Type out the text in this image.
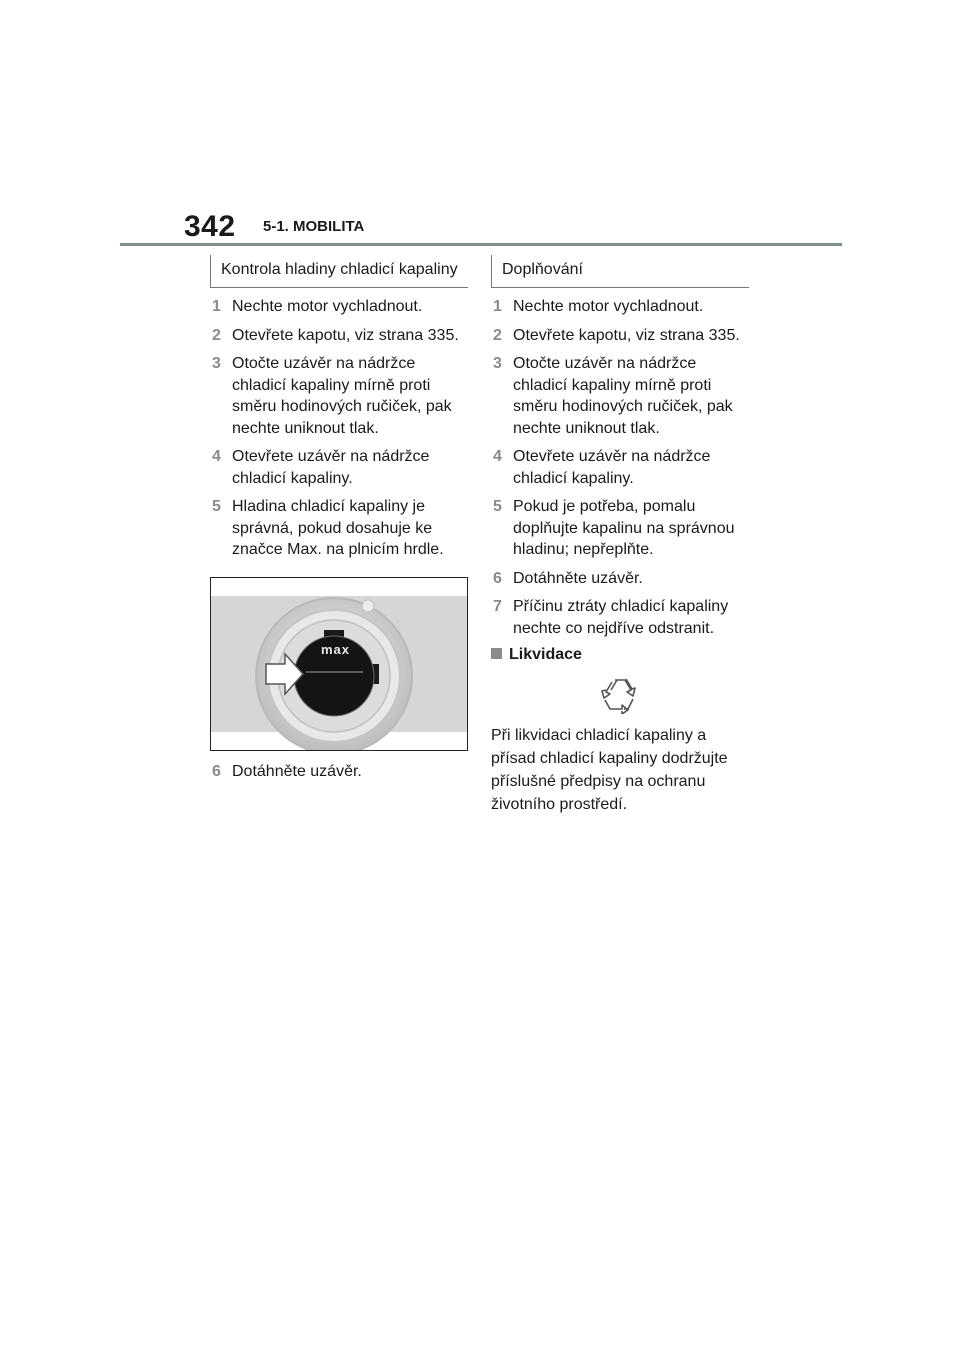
342 5-1. MOBILITA
Kontrola hladiny chladicí kapaliny
1 Nechte motor vychladnout.
2 Otevřete kapotu, viz strana 335.
3 Otočte uzávěr na nádržce chladicí kapaliny mírně proti směru hodinových ručiček, pak nechte uniknout tlak.
4 Otevřete uzávěr na nádržce chladicí kapaliny.
5 Hladina chladicí kapaliny je správná, pokud dosahuje ke značce Max. na plnicím hrdle.
max
6 Dotáhněte uzávěr.
Doplňování
1 Nechte motor vychladnout.
2 Otevřete kapotu, viz strana 335.
3 Otočte uzávěr na nádržce chladicí kapaliny mírně proti směru hodinových ručiček, pak nechte uniknout tlak.
4 Otevřete uzávěr na nádržce chladicí kapaliny.
5 Pokud je potřeba, pomalu doplňujte kapalinu na správnou hladinu; nepřeplňte.
6 Dotáhněte uzávěr.
7 Příčinu ztráty chladicí kapaliny nechte co nejdříve odstranit.
Likvidace
Při likvidaci chladicí kapaliny a přísad chladicí kapaliny dodržujte příslušné předpisy na ochranu životního prostředí.
